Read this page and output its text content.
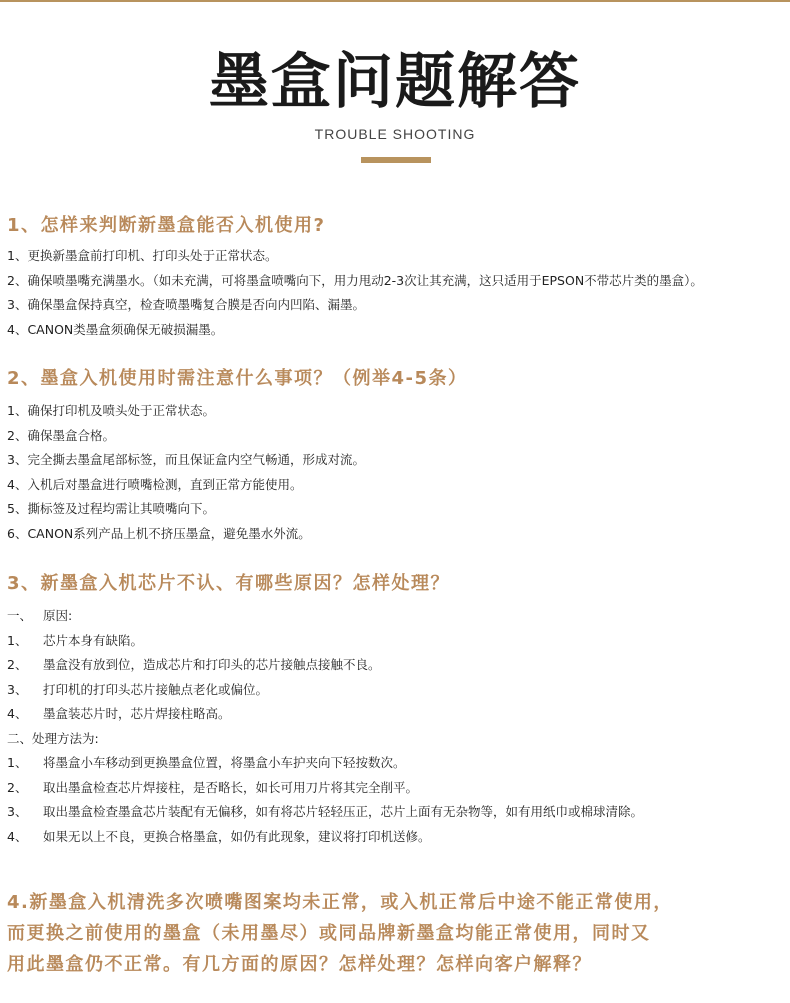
墨盒问题解答
TROUBLE SHOOTING
1、怎样来判断新墨盒能否入机使用?
1、更换新墨盒前打印机、打印头处于正常状态。
2、确保喷墨嘴充满墨水。（如未充满，可将墨盒喷嘴向下，用力甩动2-3次让其充满，这只适用于EPSON不带芯片类的墨盒）。
3、确保墨盒保持真空，检查喷墨嘴复合膜是否向内凹陷、漏墨。
4、CANON类墨盒须确保无破损漏墨。
2、墨盒入机使用时需注意什么事项？（例举4-5条）
1、确保打印机及喷头处于正常状态。
2、确保墨盒合格。
3、完全撕去墨盒尾部标签，而且保证盒内空气畅通，形成对流。
4、入机后对墨盒进行喷嘴检测，直到正常方能使用。
5、撕标签及过程均需让其喷嘴向下。
6、CANON系列产品上机不挤压墨盒，避免墨水外流。
3、新墨盒入机芯片不认、有哪些原因？怎样处理？
一、 原因:
1、 芯片本身有缺陷。
2、 墨盒没有放到位，造成芯片和打印头的芯片接触点接触不良。
3、 打印机的打印头芯片接触点老化或偏位。
4、 墨盒装芯片时，芯片焊接柱略高。
二、处理方法为:
1、 将墨盒小车移动到更换墨盒位置，将墨盒小车护夹向下轻按数次。
2、 取出墨盒检查芯片焊接柱，是否略长，如长可用刀片将其完全削平。
3、 取出墨盒检查墨盒芯片装配有无偏移，如有将芯片轻轻压正，芯片上面有无杂物等，如有用纸巾或棉球清除。
4、 如果无以上不良，更换合格墨盒，如仍有此现象，建议将打印机送修。
4.新墨盒入机清洗多次喷嘴图案均未正常，或入机正常后中途不能正常使用，
而更换之前使用的墨盒（未用墨尽）或同品牌新墨盒均能正常使用，同时又
用此墨盒仍不正常。有几方面的原因？怎样处理？怎样向客户解释？
